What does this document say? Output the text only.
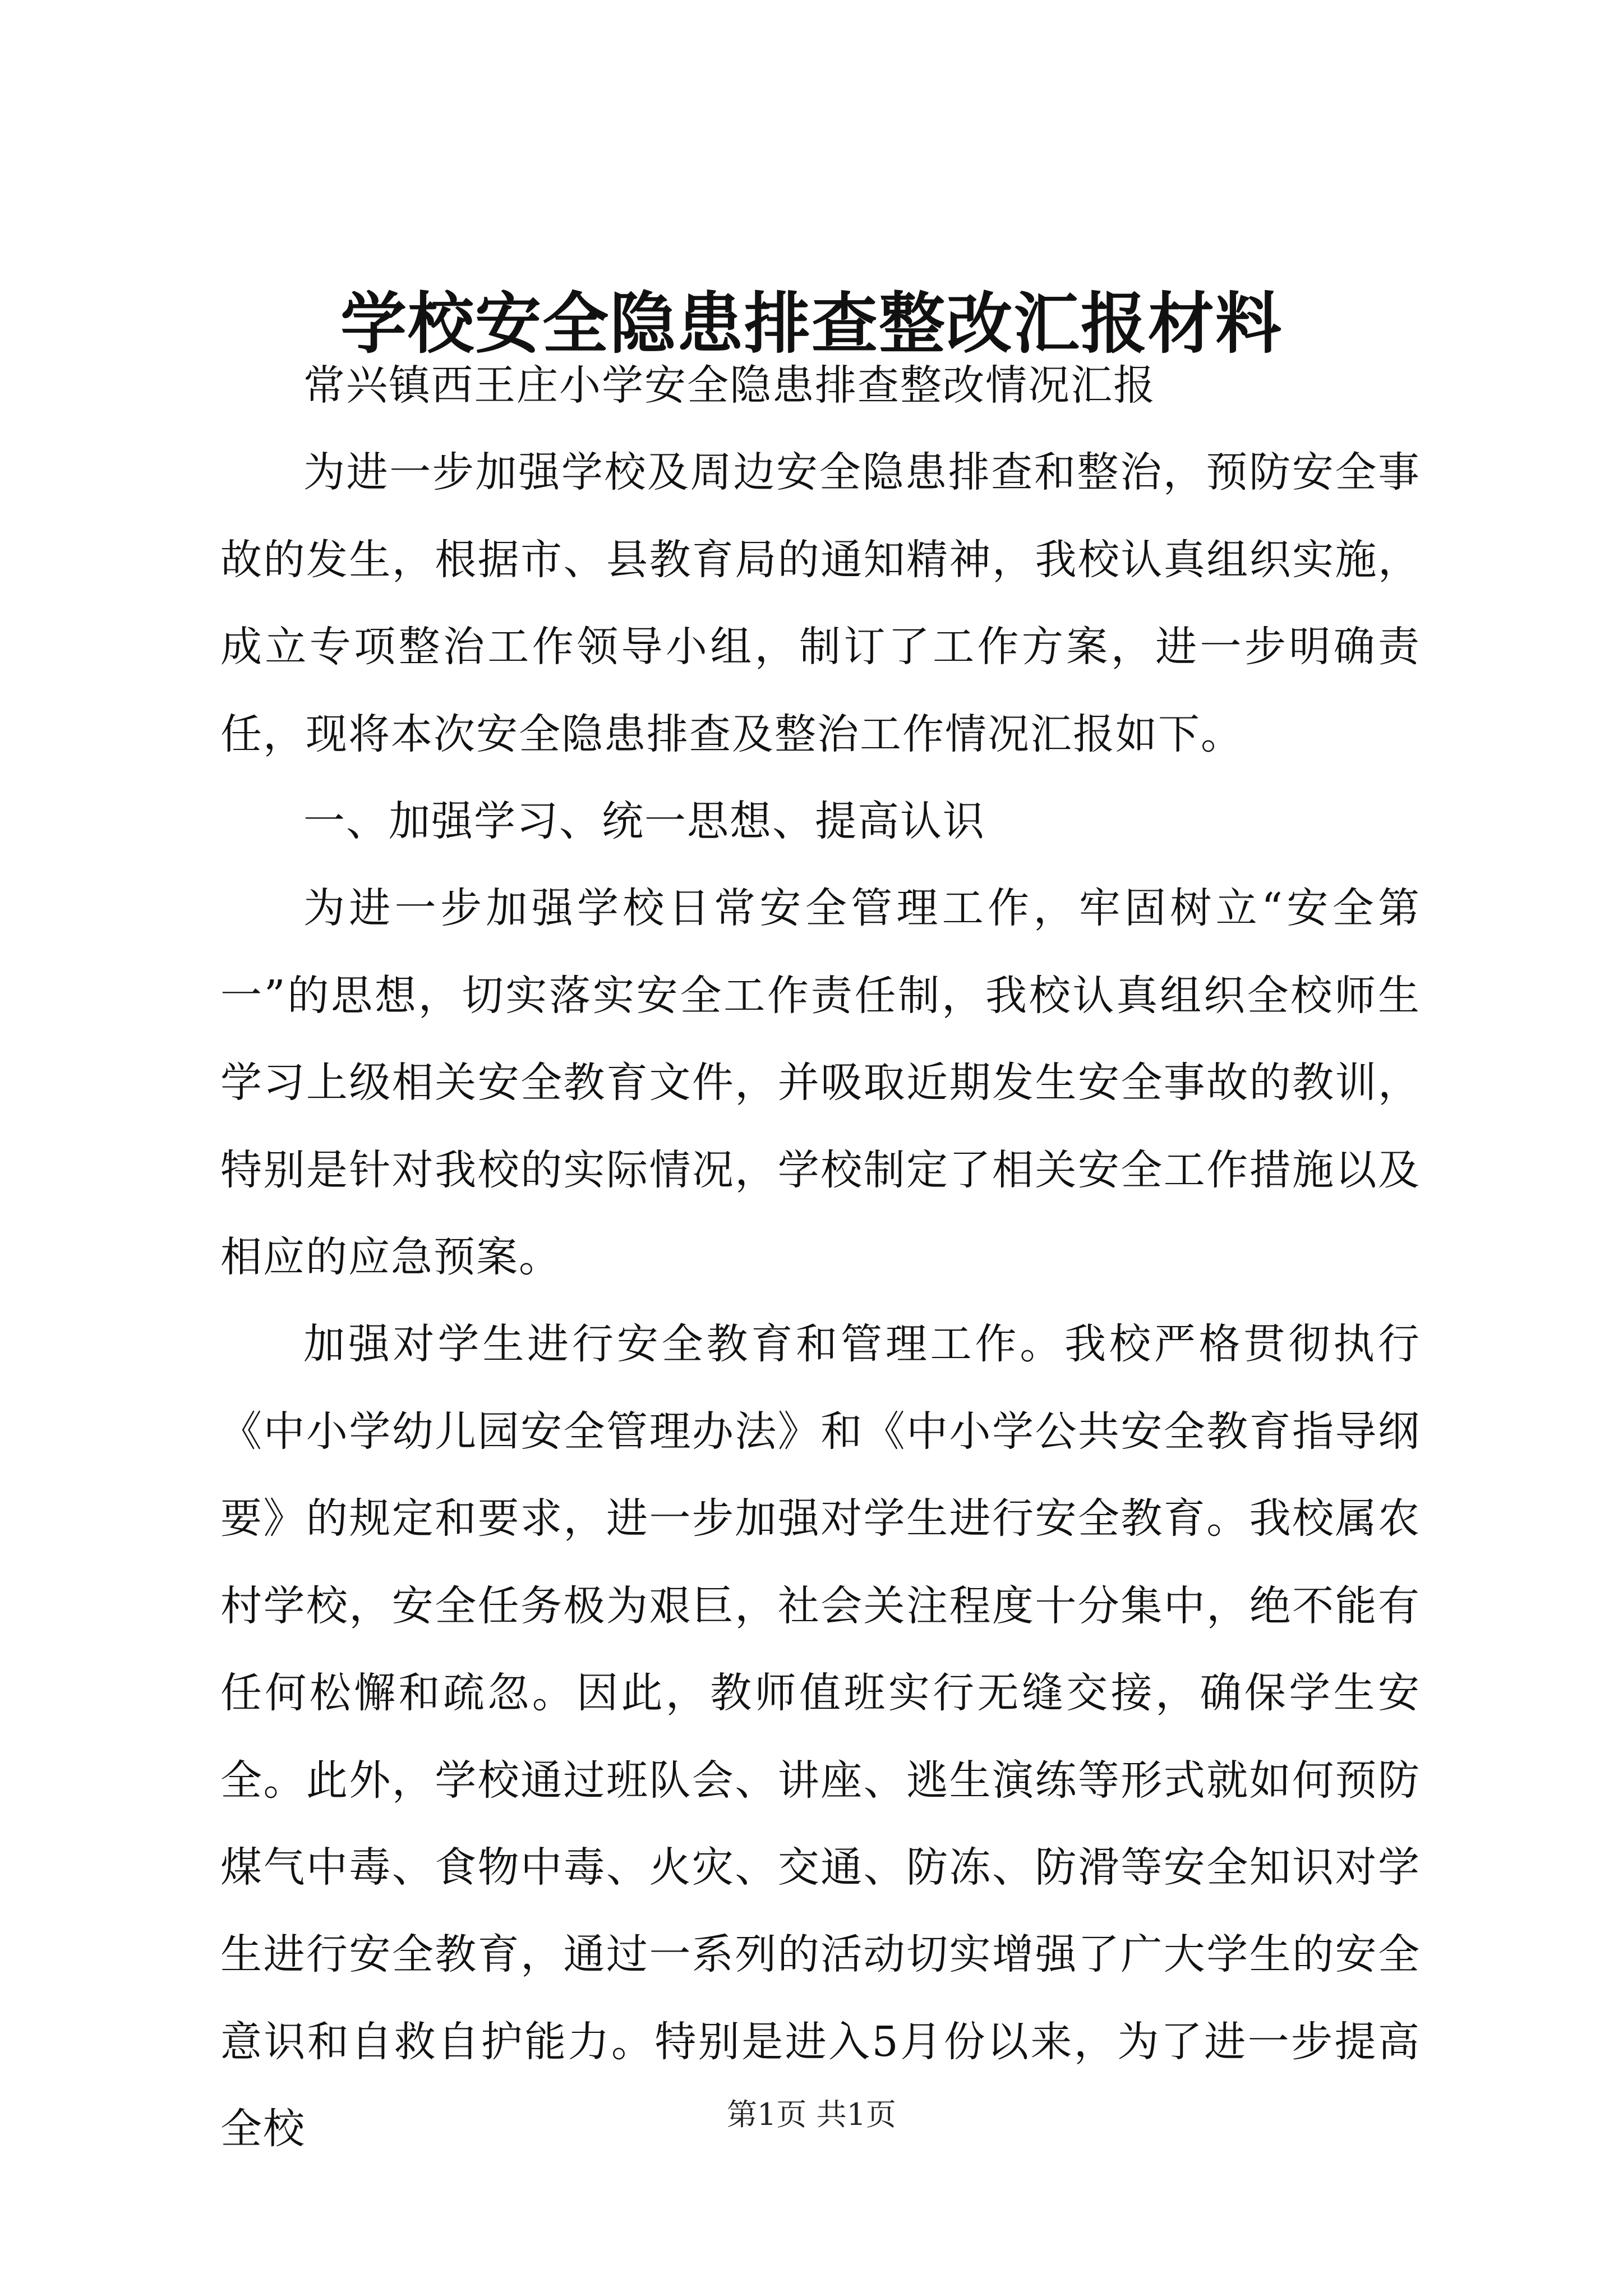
学校安全隐患排查整改汇报材料

常兴镇西王庄小学安全隐患排查整改情况汇报

为进一步加强学校及周边安全隐患排查和整治，预防安全事故的发生，根据市、县教育局的通知精神，我校认真组织实施，成立专项整治工作领导小组，制订了工作方案，进一步明确责任，现将本次安全隐患排查及整治工作情况汇报如下。

一、加强学习、统一思想、提高认识

为进一步加强学校日常安全管理工作，牢固树立“安全第一”的思想，切实落实安全工作责任制，我校认真组织全校师生学习上级相关安全教育文件，并吸取近期发生安全事故的教训，特别是针对我校的实际情况，学校制定了相关安全工作措施以及相应的应急预案。

加强对学生进行安全教育和管理工作。我校严格贯彻执行《中小学幼儿园安全管理办法》和《中小学公共安全教育指导纲要》的规定和要求，进一步加强对学生进行安全教育。我校属农村学校，安全任务极为艰巨，社会关注程度十分集中，绝不能有任何松懈和疏忽。因此，教师值班实行无缝交接，确保学生安全。此外，学校通过班队会、讲座、逃生演练等形式就如何预防煤气中毒、食物中毒、火灾、交通、防冻、防滑等安全知识对学生进行安全教育，通过一系列的活动切实增强了广大学生的安全意识和自救自护能力。特别是进入5月份以来，为了进一步提高全校	第1页 共1页
